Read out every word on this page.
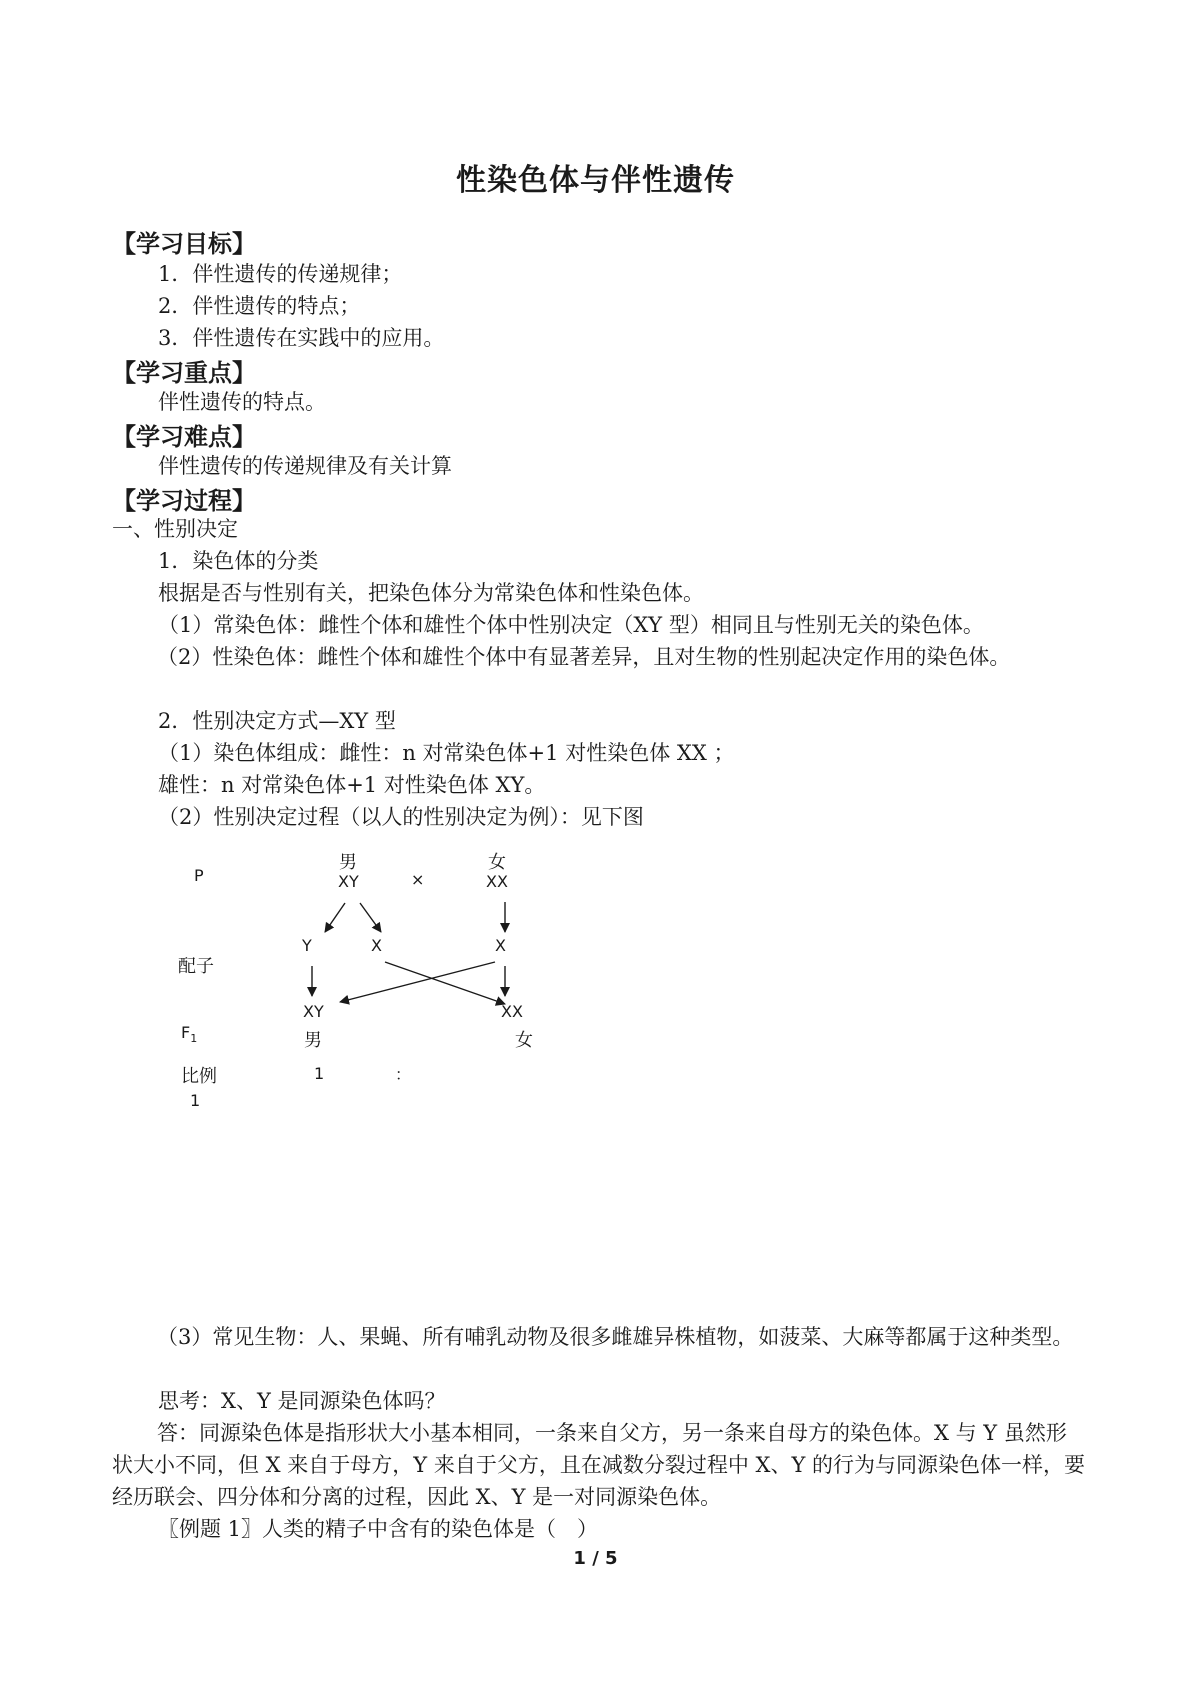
性染色体与伴性遗传
【学习目标】
1．伴性遗传的传递规律；
2．伴性遗传的特点；
3．伴性遗传在实践中的应用。
【学习重点】
伴性遗传的特点。
【学习难点】
伴性遗传的传递规律及有关计算
【学习过程】
一、性别决定
1．染色体的分类
根据是否与性别有关，把染色体分为常染色体和性染色体。
（1）常染色体：雌性个体和雄性个体中性别决定（XY 型）相同且与性别无关的染色体。
（2）性染色体：雌性个体和雄性个体中有显著差异，且对生物的性别起决定作用的染色体。
2．性别决定方式—XY 型
（1）染色体组成：雌性：n 对常染色体+1 对性染色体 XX ；
雄性：n 对常染色体+1 对性染色体 XY。
（2）性别决定过程（以人的性别决定为例）：见下图
P
男
XY	×
女
XX
配子
Y	X	X
$F_1$
XY
男
XX
女
比例	1	：
1
（3）常见生物：人、果蝇、所有哺乳动物及很多雌雄异株植物，如菠菜、大麻等都属于这种类型。
思考：X、Y 是同源染色体吗？
答：同源染色体是指形状大小基本相同，一条来自父方，另一条来自母方的染色体。X 与 Y 虽然形状大小不同，但 X 来自于母方，Y 来自于父方，且在减数分裂过程中 X、Y 的行为与同源染色体一样，要经历联会、四分体和分离的过程，因此 X、Y 是一对同源染色体。
〖例题 1〗人类的精子中含有的染色体是（　）
1 / 5
